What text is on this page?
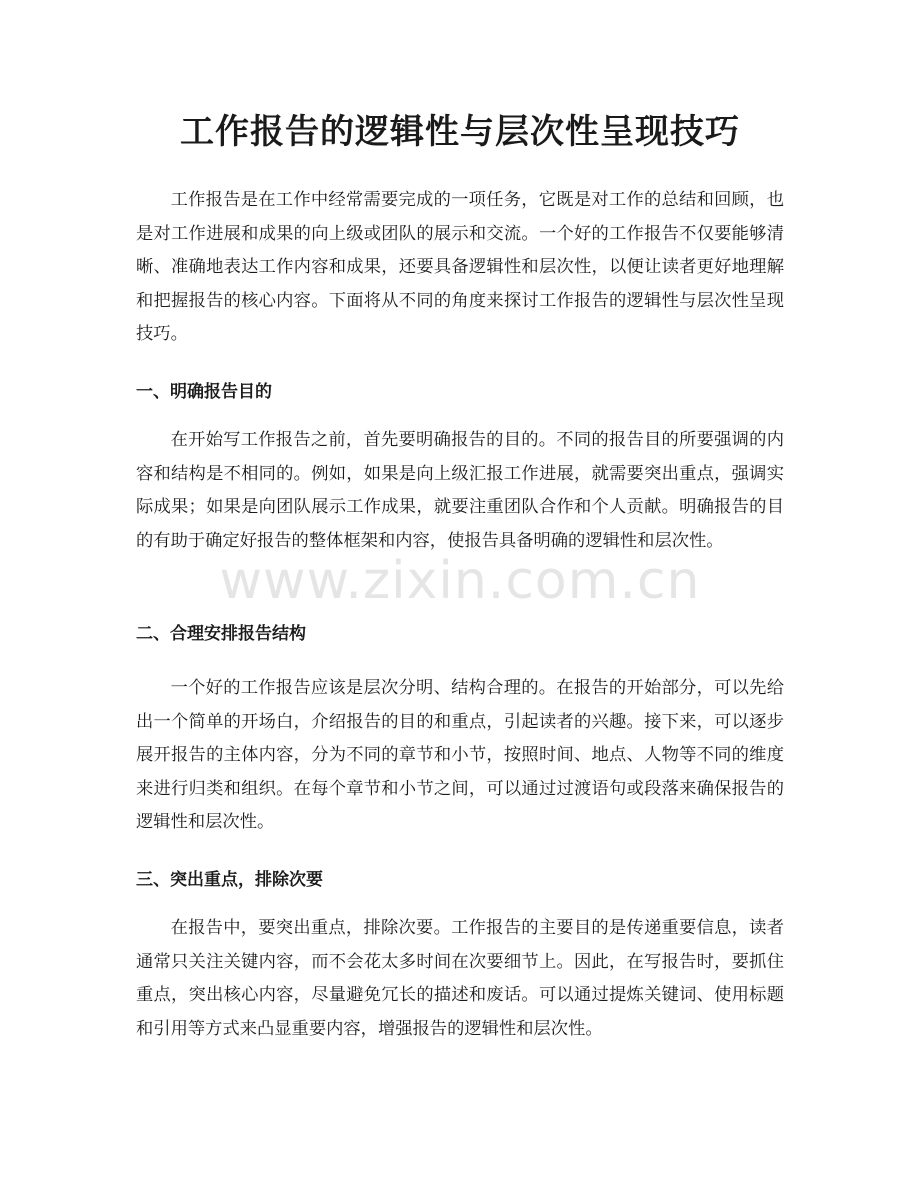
工作报告的逻辑性与层次性呈现技巧

工作报告是在工作中经常需要完成的一项任务，它既是对工作的总结和回顾，也是对工作进展和成果的向上级或团队的展示和交流。一个好的工作报告不仅要能够清晰、准确地表达工作内容和成果，还要具备逻辑性和层次性，以便让读者更好地理解和把握报告的核心内容。下面将从不同的角度来探讨工作报告的逻辑性与层次性呈现技巧。

一、明确报告目的

在开始写工作报告之前，首先要明确报告的目的。不同的报告目的所要强调的内容和结构是不相同的。例如，如果是向上级汇报工作进展，就需要突出重点，强调实际成果；如果是向团队展示工作成果，就要注重团队合作和个人贡献。明确报告的目的有助于确定好报告的整体框架和内容，使报告具备明确的逻辑性和层次性。

二、合理安排报告结构

一个好的工作报告应该是层次分明、结构合理的。在报告的开始部分，可以先给出一个简单的开场白，介绍报告的目的和重点，引起读者的兴趣。接下来，可以逐步展开报告的主体内容，分为不同的章节和小节，按照时间、地点、人物等不同的维度来进行归类和组织。在每个章节和小节之间，可以通过过渡语句或段落来确保报告的逻辑性和层次性。

三、突出重点，排除次要

在报告中，要突出重点，排除次要。工作报告的主要目的是传递重要信息，读者通常只关注关键内容，而不会花太多时间在次要细节上。因此，在写报告时，要抓住重点，突出核心内容，尽量避免冗长的描述和废话。可以通过提炼关键词、使用标题和引用等方式来凸显重要内容，增强报告的逻辑性和层次性。

www.zixin.com.cn
